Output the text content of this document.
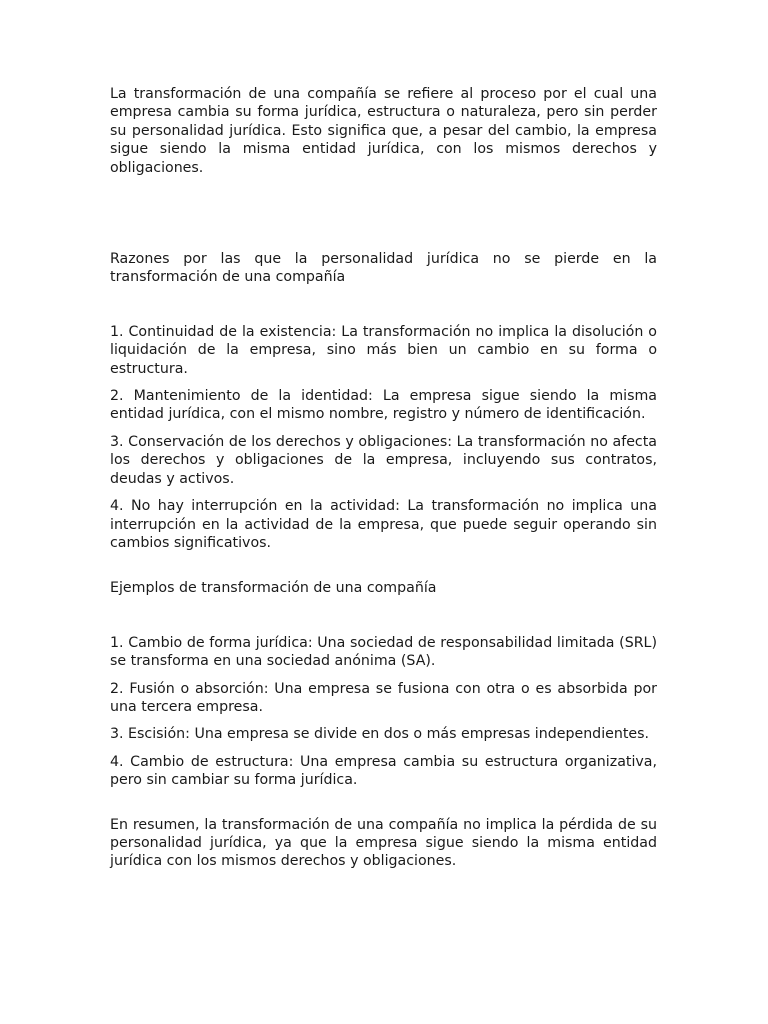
La transformación de una compañía se refiere al proceso por el cual una empresa cambia su forma jurídica, estructura o naturaleza, pero sin perder su personalidad jurídica. Esto significa que, a pesar del cambio, la empresa sigue siendo la misma entidad jurídica, con los mismos derechos y obligaciones.

Razones por las que la personalidad jurídica no se pierde en la transformación de una compañía

1. Continuidad de la existencia: La transformación no implica la disolución o liquidación de la empresa, sino más bien un cambio en su forma o estructura.
2. Mantenimiento de la identidad: La empresa sigue siendo la misma entidad jurídica, con el mismo nombre, registro y número de identificación.
3. Conservación de los derechos y obligaciones: La transformación no afecta los derechos y obligaciones de la empresa, incluyendo sus contratos, deudas y activos.
4. No hay interrupción en la actividad: La transformación no implica una interrupción en la actividad de la empresa, que puede seguir operando sin cambios significativos.

Ejemplos de transformación de una compañía

1. Cambio de forma jurídica: Una sociedad de responsabilidad limitada (SRL) se transforma en una sociedad anónima (SA).
2. Fusión o absorción: Una empresa se fusiona con otra o es absorbida por una tercera empresa.
3. Escisión: Una empresa se divide en dos o más empresas independientes.
4. Cambio de estructura: Una empresa cambia su estructura organizativa, pero sin cambiar su forma jurídica.

En resumen, la transformación de una compañía no implica la pérdida de su personalidad jurídica, ya que la empresa sigue siendo la misma entidad jurídica con los mismos derechos y obligaciones.
